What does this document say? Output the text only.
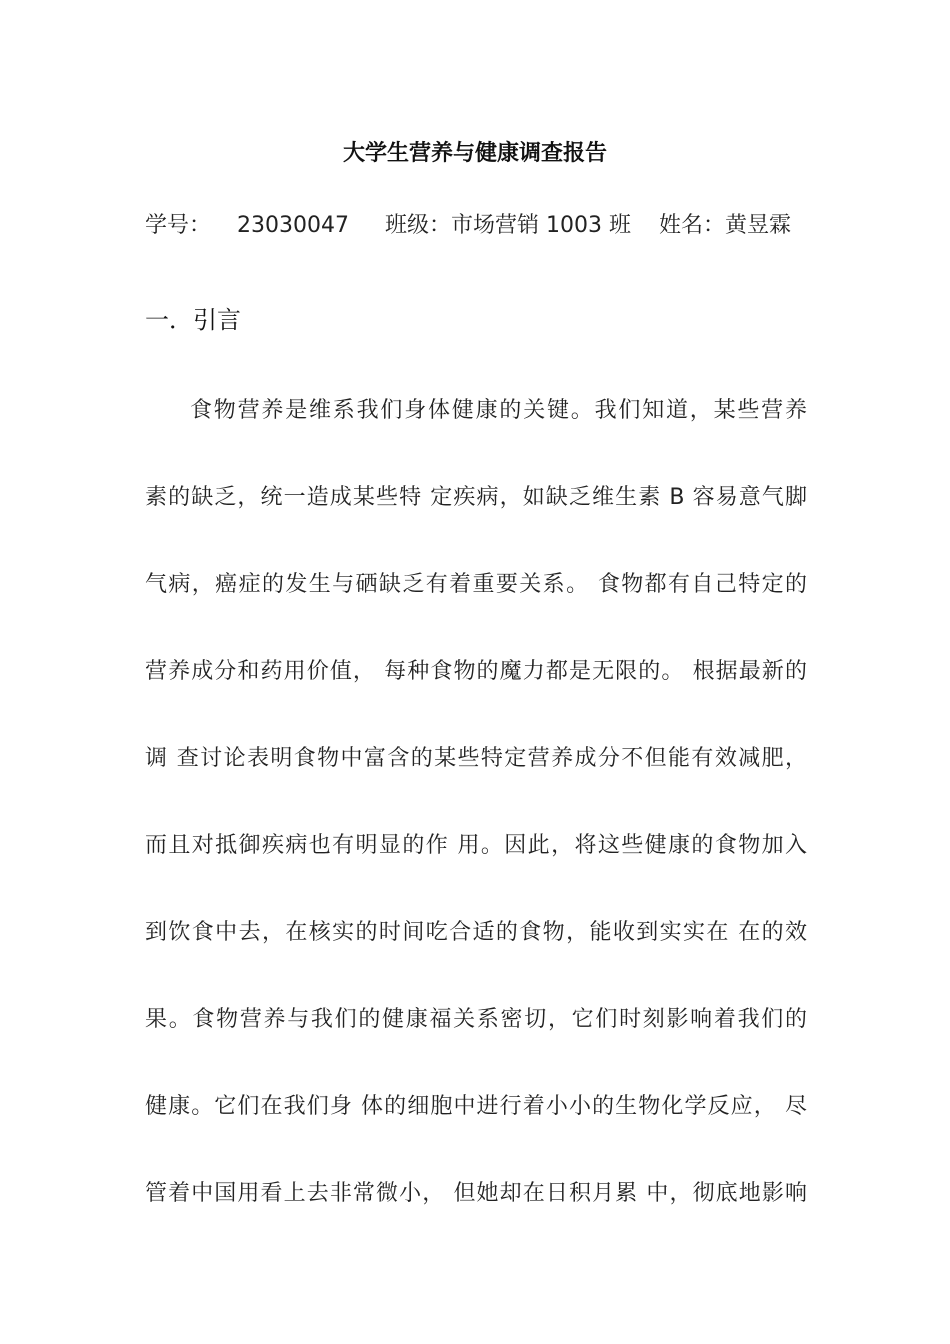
大学生营养与健康调查报告
学号： 23030047 班级：市场营销 1003 班 姓名：黄昱霖
一．引言
食物营养是维系我们身体健康的关键。我们知道，某些营养
素的缺乏，统一造成某些特 定疾病，如缺乏维生素 B 容易意气脚
气病，癌症的发生与硒缺乏有着重要关系。 食物都有自己特定的
营养成分和药用价值， 每种食物的魔力都是无限的。 根据最新的
调 查讨论表明食物中富含的某些特定营养成分不但能有效减肥，
而且对抵御疾病也有明显的作 用。因此，将这些健康的食物加入
到饮食中去，在核实的时间吃合适的食物，能收到实实在 在的效
果。食物营养与我们的健康福关系密切，它们时刻影响着我们的
健康。它们在我们身 体的细胞中进行着小小的生物化学反应， 尽
管着中国用看上去非常微小， 但她却在日积月累 中，彻底地影响
